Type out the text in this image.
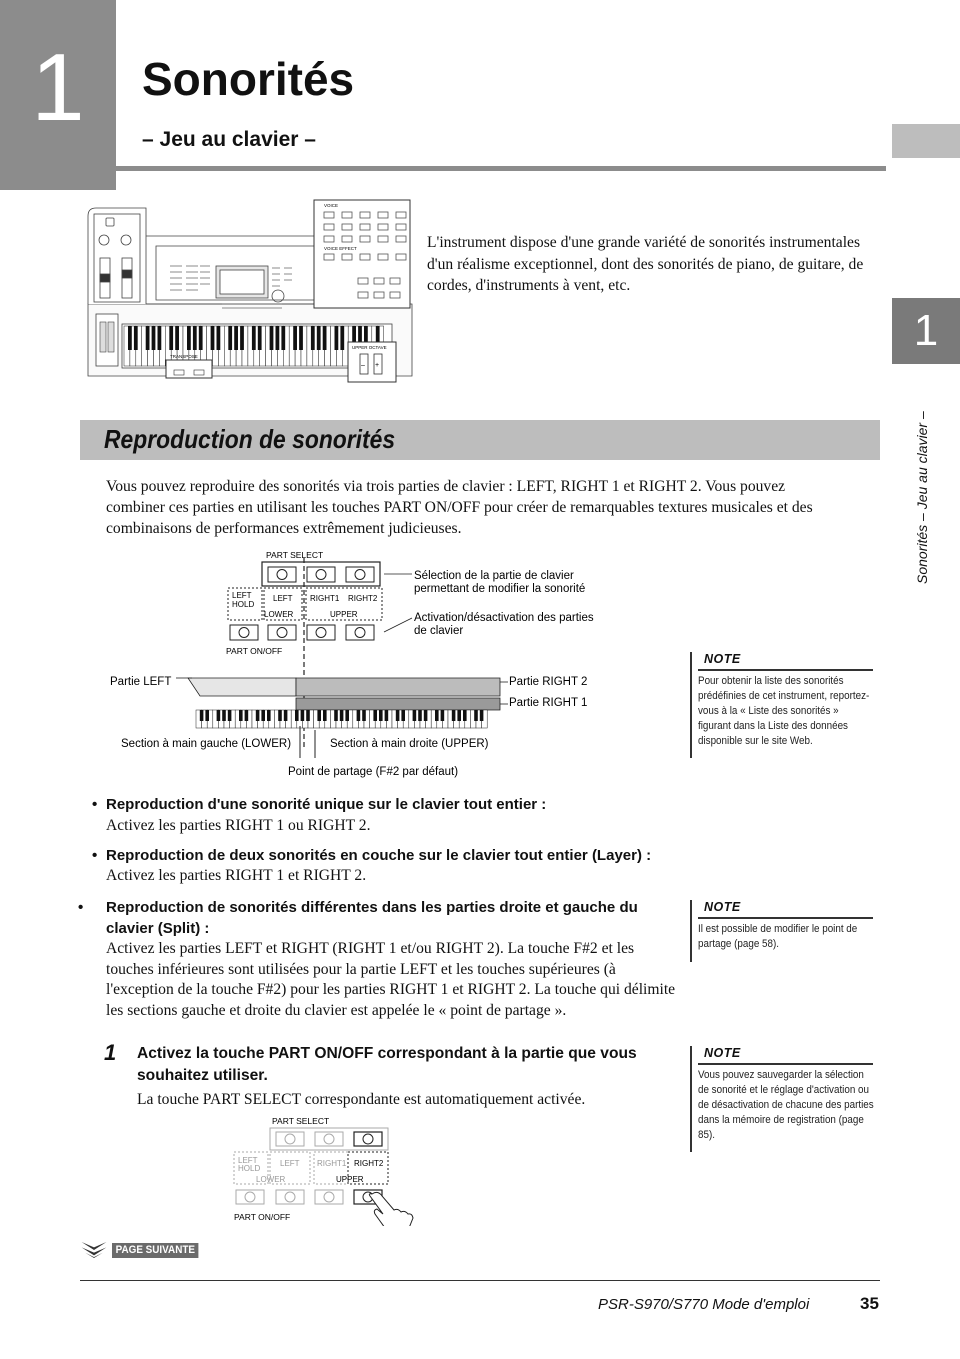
1	Sonorités
– Jeu au clavier –
1
Sonorités – Jeu au clavier –
VOICE
VOICE EFFECT
TRANSPOSE
UPPER OCTAVE
– +
L'instrument dispose d'une grande variété de sonorités instrumentales d'un réalisme exceptionnel, dont des sonorités de piano, de guitare, de cordes, d'instruments à vent, etc.
Reproduction de sonorités
Vous pouvez reproduire des sonorités via trois parties de clavier : LEFT, RIGHT 1 et RIGHT 2. Vous pouvez combiner ces parties en utilisant les touches PART ON/OFF pour créer de remarquables textures musicales et des combinaisons de performances extrêmement judicieuses.
PART SELECT
LEFT
HOLD
LEFT RIGHT1 RIGHT2
LOWER	UPPER
PART ON/OFF
Sélection de la partie de clavier
permettant de modifier la sonorité
Activation/désactivation des parties
de clavier
Partie LEFT	Partie RIGHT 2
Partie RIGHT 1
Section à main gauche (LOWER)	Section à main droite (UPPER)
Point de partage (F#2 par défaut)
NOTE
Pour obtenir la liste des sonorités prédéfinies de cet instrument, reportez-vous à la « Liste des sonorités » figurant dans la Liste des données disponible sur le site Web.
NOTE
Il est possible de modifier le point de partage (page 58).
NOTE
Vous pouvez sauvegarder la sélection de sonorité et le réglage d'activation ou de désactivation de chacune des parties dans la mémoire de registration (page 85).
• Reproduction d'une sonorité unique sur le clavier tout entier :
Activez les parties RIGHT 1 ou RIGHT 2.
• Reproduction de deux sonorités en couche sur le clavier tout entier (Layer) :
Activez les parties RIGHT 1 et RIGHT 2.
• Reproduction de sonorités différentes dans les parties droite et gauche du clavier (Split) :
Activez les parties LEFT et RIGHT (RIGHT 1 et/ou RIGHT 2). La touche F#2 et les touches inférieures sont utilisées pour la partie LEFT et les touches supérieures (à l'exception de la touche F#2) pour les parties RIGHT 1 et RIGHT 2. La touche qui délimite les sections gauche et droite du clavier est appelée le « point de partage ».
1 Activez la touche PART ON/OFF correspondant à la partie que vous souhaitez utiliser.
La touche PART SELECT correspondante est automatiquement activée.
PART SELECT
LEFT
HOLD
LEFT RIGHT1 RIGHT2
LOWER	UPPER
PART ON/OFF
PAGE SUIVANTE
PSR-S970/S770 Mode d'emploi	35
